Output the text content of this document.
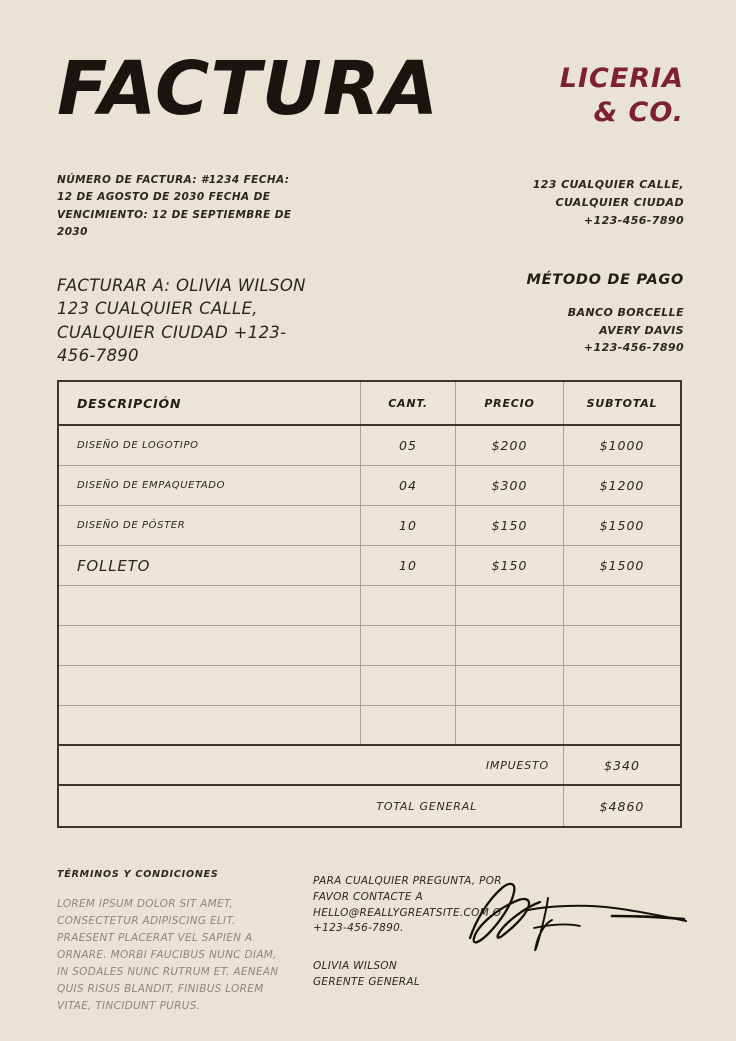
FACTURA	LICERIA
& CO.
NÚMERO DE FACTURA: #1234 FECHA: 12 DE AGOSTO DE 2030 FECHA DE VENCIMIENTO: 12 DE SEPTIEMBRE DE 2030
123 CUALQUIER CALLE,
CUALQUIER CIUDAD
+123-456-7890
FACTURAR A: OLIVIA WILSON 123 CUALQUIER CALLE, CUALQUIER CIUDAD +123-456-7890
MÉTODO DE PAGO
BANCO BORCELLE
AVERY DAVIS
+123-456-7890
DESCRIPCIÓN	CANT.	PRECIO	SUBTOTAL
DISEÑO DE LOGOTIPO	05	$200	$1000
DISEÑO DE EMPAQUETADO	04	$300	$1200
DISEÑO DE PÓSTER	10	$150	$1500
FOLLETO	10	$150	$1500
IMPUESTO	$340
TOTAL GENERAL	$4860
TÉRMINOS Y CONDICIONES
LOREM IPSUM DOLOR SIT AMET, CONSECTETUR ADIPISCING ELIT. PRAESENT PLACERAT VEL SAPIEN A ORNARE. MORBI FAUCIBUS NUNC DIAM, IN SODALES NUNC RUTRUM ET. AENEAN QUIS RISUS BLANDIT, FINIBUS LOREM VITAE, TINCIDUNT PURUS.
PARA CUALQUIER PREGUNTA, POR FAVOR CONTACTE A HELLO@REALLYGREATSITE.COM O +123-456-7890.
OLIVIA WILSON
GERENTE GENERAL
